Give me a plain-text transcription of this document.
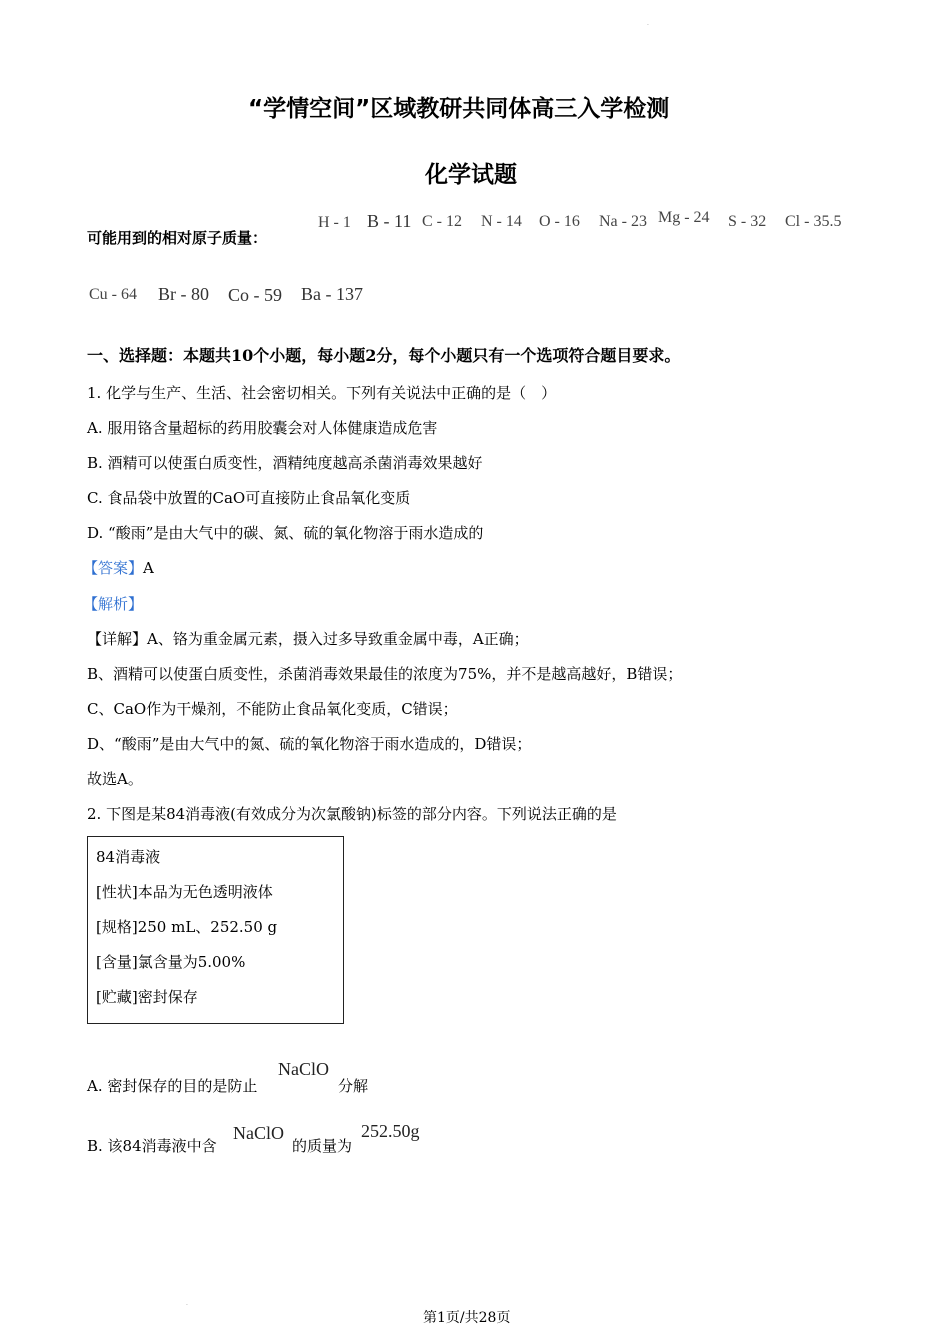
“学情空间”区域教研共同体高三入学检测
化学试题
可能用到的相对原子质量：
H - 1 B - 11 C - 12 N - 14 O - 16 Na - 23 Mg - 24 S - 32 Cl - 35.5
Cu - 64 Br - 80 Co - 59 Ba - 137
一、选择题：本题共10个小题，每小题2分，每个小题只有一个选项符合题目要求。
1. 化学与生产、生活、社会密切相关。下列有关说法中正确的是（　）
A. 服用铬含量超标的药用胶囊会对人体健康造成危害
B. 酒精可以使蛋白质变性，酒精纯度越高杀菌消毒效果越好
C. 食品袋中放置的CaO可直接防止食品氧化变质
D. “酸雨”是由大气中的碳、氮、硫的氧化物溶于雨水造成的
【答案】A
【解析】
【详解】A、铬为重金属元素，摄入过多导致重金属中毒，A正确；
B、酒精可以使蛋白质变性，杀菌消毒效果最佳的浓度为75%，并不是越高越好，B错误；
C、CaO作为干燥剂，不能防止食品氧化变质，C错误；
D、“酸雨”是由大气中的氮、硫的氧化物溶于雨水造成的，D错误；
故选A。
2. 下图是某84消毒液(有效成分为次氯酸钠)标签的部分内容。下列说法正确的是
84消毒液
[性状]本品为无色透明液体
[规格]250 mL、252.50 g
[含量]氯含量为5.00%
[贮藏]密封保存
A. 密封保存的目的是防止
NaClO
分解
B. 该84消毒液中含
NaClO
的质量为
252.50g
第1页/共28页
.
.
